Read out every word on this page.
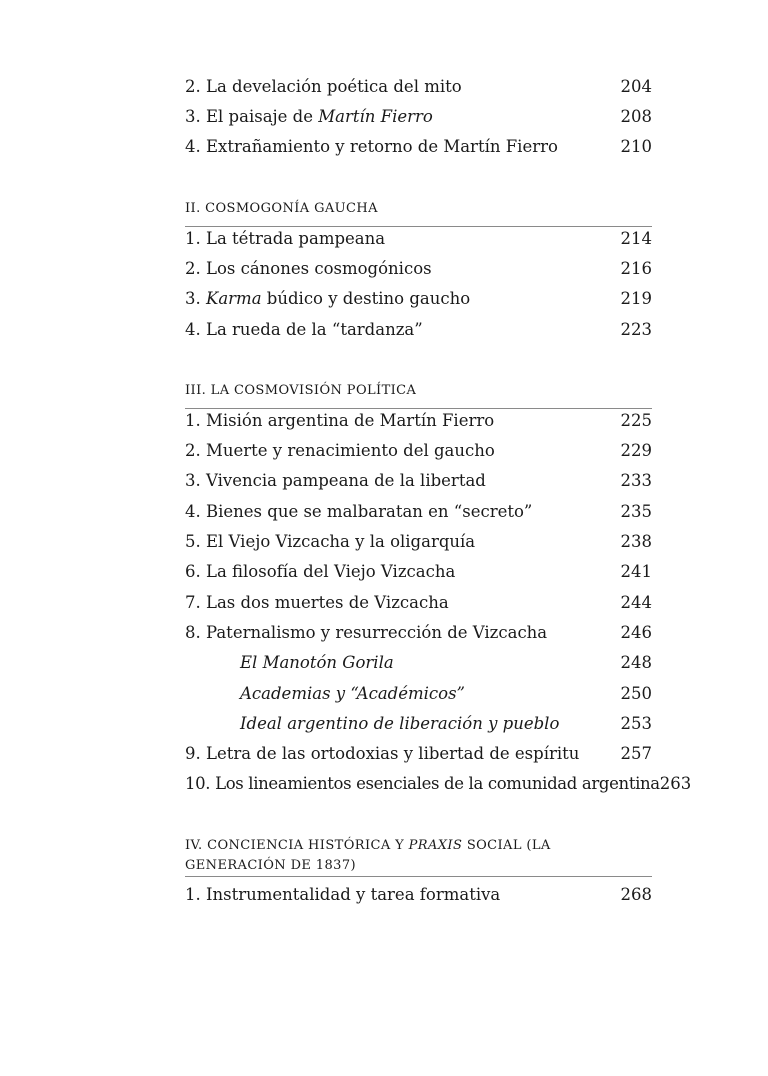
2. La develación poética del mito	204
3. El paisaje de Martín Fierro	208
4. Extrañamiento y retorno de Martín Fierro	210
II. COSMOGONÍA GAUCHA
1. La tétrada pampeana	214
2. Los cánones cosmogónicos	216
3. Karma búdico y destino gaucho	219
4. La rueda de la “tardanza”	223
III. LA COSMOVISIÓN POLÍTICA
1. Misión argentina de Martín Fierro	225
2. Muerte y renacimiento del gaucho	229
3. Vivencia pampeana de la libertad	233
4. Bienes que se malbaratan en “secreto”	235
5. El Viejo Vizcacha y la oligarquía	238
6. La filosofía del Viejo Vizcacha	241
7. Las dos muertes de Vizcacha	244
8. Paternalismo y resurrección de Vizcacha	246
El Manotón Gorila	248
Academias y “Académicos”	250
Ideal argentino de liberación y pueblo	253
9. Letra de las ortodoxias y libertad de espíritu 257
10. Los lineamientos esenciales de la comunidad argentina 263
IV. CONCIENCIA HISTÓRICA Y PRAXIS SOCIAL (LA GENERACIÓN DE 1837)
1. Instrumentalidad y tarea formativa	268
